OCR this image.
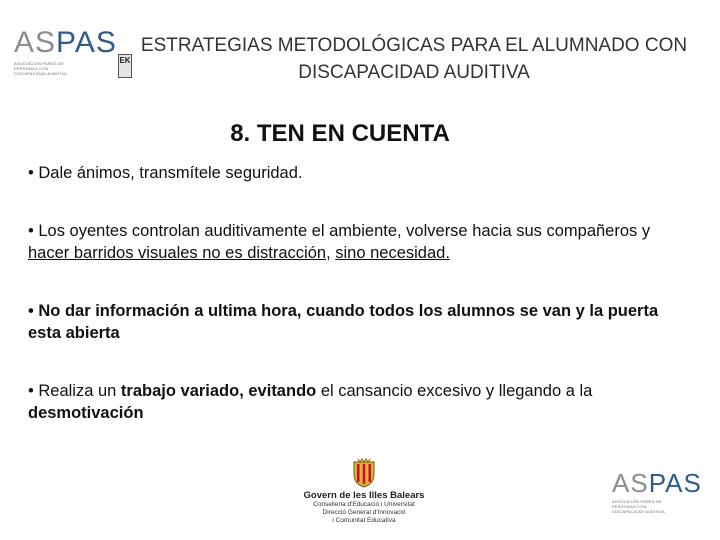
ASPAS
ASOCIACIÓN PARES DE PERSONAS CON DISCAPACIDAD AUDITIVA
EK
ESTRATEGIAS METODOLÓGICAS PARA EL ALUMNADO CON
DISCAPACIDAD AUDITIVA
8. TEN EN CUENTA
• Dale ánimos, transmítele seguridad.
• Los oyentes controlan auditivamente el ambiente, volverse hacia sus compañeros y hacer barridos visuales no es distracción, sino necesidad.
• No dar información a ultima hora, cuando todos los alumnos se van y la puerta esta abierta
• Realiza un trabajo variado, evitando el cansancio excesivo y llegando a la desmotivación
Govern de les Illes Balears
Conselleria d'Educació i Universitat
Direcció General d'Innovació
i Comunitat Educativa
ASPAS
ASOCIACIÓN PARES DE PERSONAS CON DISCAPACIDAD AUDITIVA
